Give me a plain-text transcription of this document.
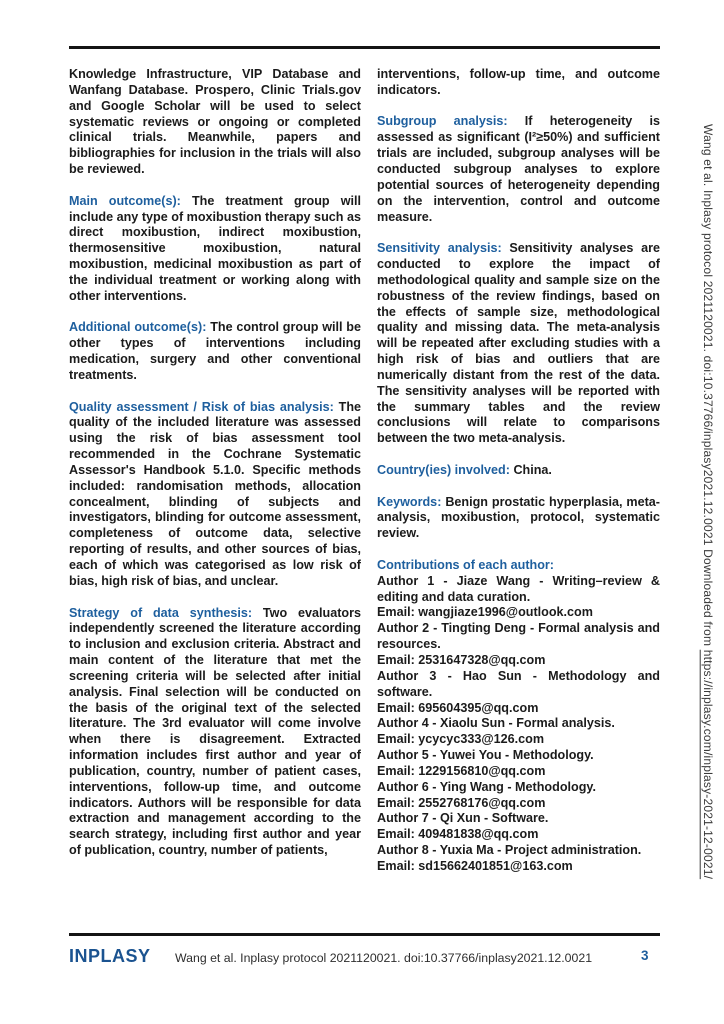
Knowledge Infrastructure, VIP Database and Wanfang Database. Prospero, Clinic Trials.gov and Google Scholar will be used to select systematic reviews or ongoing or completed clinical trials. Meanwhile, papers and bibliographies for inclusion in the trials will also be reviewed.

Main outcome(s): The treatment group will include any type of moxibustion therapy such as direct moxibustion, indirect moxibustion, thermosensitive moxibustion, natural moxibustion, medicinal moxibustion as part of the individual treatment or working along with other interventions.

Additional outcome(s): The control group will be other types of interventions including medication, surgery and other conventional treatments.

Quality assessment / Risk of bias analysis: The quality of the included literature was assessed using the risk of bias assessment tool recommended in the Cochrane Systematic Assessor's Handbook 5.1.0. Specific methods included: randomisation methods, allocation concealment, blinding of subjects and investigators, blinding for outcome assessment, completeness of outcome data, selective reporting of results, and other sources of bias, each of which was categorised as low risk of bias, high risk of bias, and unclear.

Strategy of data synthesis: Two evaluators independently screened the literature according to inclusion and exclusion criteria. Abstract and main content of the literature that met the screening criteria will be selected after initial analysis. Final selection will be conducted on the basis of the original text of the selected literature. The 3rd evaluator will come involve when there is disagreement. Extracted information includes first author and year of publication, country, number of patient cases, interventions, follow-up time, and outcome indicators. Authors will be responsible for data extraction and management according to the search strategy, including first author and year of publication, country, number of patients,

interventions, follow-up time, and outcome indicators.

Subgroup analysis: If heterogeneity is assessed as significant (I²≥50%) and sufficient trials are included, subgroup analyses will be conducted subgroup analyses to explore potential sources of heterogeneity depending on the intervention, control and outcome measure.

Sensitivity analysis: Sensitivity analyses are conducted to explore the impact of methodological quality and sample size on the robustness of the review findings, based on the effects of sample size, methodological quality and missing data. The meta-analysis will be repeated after excluding studies with a high risk of bias and outliers that are numerically distant from the rest of the data. The sensitivity analyses will be reported with the summary tables and the review conclusions will relate to comparisons between the two meta-analysis.

Country(ies) involved: China.

Keywords: Benign prostatic hyperplasia, meta-analysis, moxibustion, protocol, systematic review.

Contributions of each author:
Author 1 - Jiaze Wang - Writing–review & editing and data curation.
Email: wangjiaze1996@outlook.com
Author 2 - Tingting Deng - Formal analysis and resources.
Email: 2531647328@qq.com
Author 3 - Hao Sun - Methodology and software.
Email: 695604395@qq.com
Author 4 - Xiaolu Sun - Formal analysis.
Email: ycycyc333@126.com
Author 5 - Yuwei You - Methodology.
Email: 1229156810@qq.com
Author 6 - Ying Wang - Methodology.
Email: 2552768176@qq.com
Author 7 - Qi Xun - Software.
Email: 409481838@qq.com
Author 8 - Yuxia Ma - Project administration.
Email: sd15662401851@163.com
INPLASY Wang et al. Inplasy protocol 2021120021. doi:10.37766/inplasy2021.12.0021	3
Wang et al. Inplasy protocol 2021120021. doi:10.37766/inplasy2021.12.0021 Downloaded from https://inplasy.com/inplasy-2021-12-0021/
